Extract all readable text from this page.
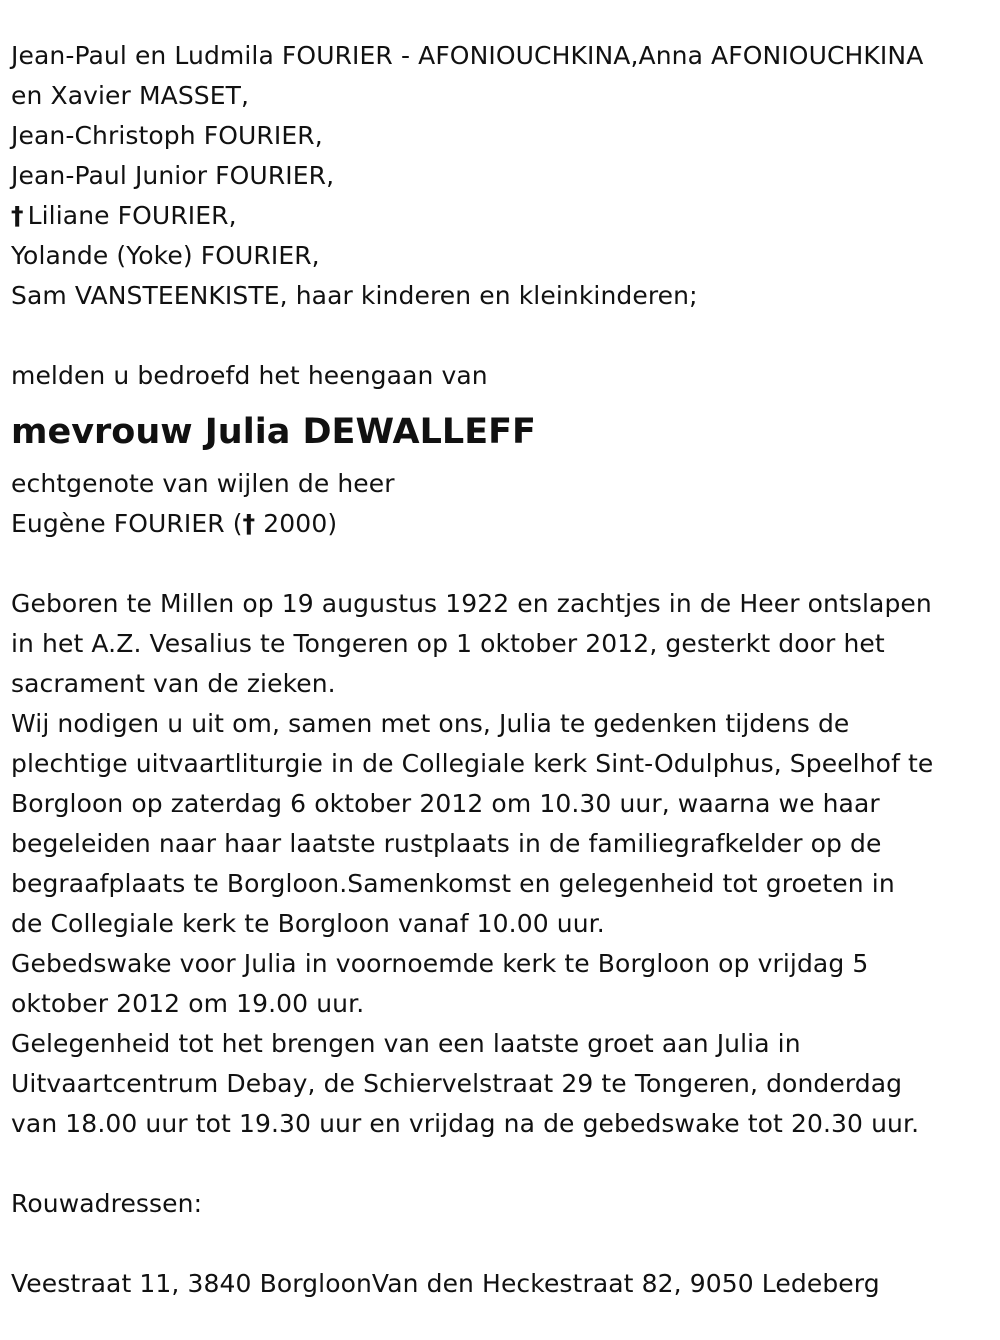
Jean-Paul en Ludmila FOURIER - AFONIOUCHKINA,Anna AFONIOUCHKINA
en Xavier MASSET,
Jean-Christoph FOURIER,
Jean-Paul Junior FOURIER,
† Liliane FOURIER,
Yolande (Yoke) FOURIER,
Sam VANSTEENKISTE, haar kinderen en kleinkinderen;
melden u bedroefd het heengaan van
mevrouw Julia DEWALLEFF
echtgenote van wijlen de heer
Eugène FOURIER († 2000)
Geboren te Millen op 19 augustus 1922 en zachtjes in de Heer ontslapen
in het A.Z. Vesalius te Tongeren op 1 oktober 2012, gesterkt door het
sacrament van de zieken.
Wij nodigen u uit om, samen met ons, Julia te gedenken tijdens de
plechtige uitvaartliturgie in de Collegiale kerk Sint-Odulphus, Speelhof te
Borgloon op zaterdag 6 oktober 2012 om 10.30 uur, waarna we haar
begeleiden naar haar laatste rustplaats in de familiegrafkelder op de
begraafplaats te Borgloon.Samenkomst en gelegenheid tot groeten in
de Collegiale kerk te Borgloon vanaf 10.00 uur.
Gebedswake voor Julia in voornoemde kerk te Borgloon op vrijdag 5
oktober 2012 om 19.00 uur.
Gelegenheid tot het brengen van een laatste groet aan Julia in
Uitvaartcentrum Debay, de Schiervelstraat 29 te Tongeren, donderdag
van 18.00 uur tot 19.30 uur en vrijdag na de gebedswake tot 20.30 uur.
Rouwadressen:
Veestraat 11, 3840 BorgloonVan den Heckestraat 82, 9050 Ledeberg
